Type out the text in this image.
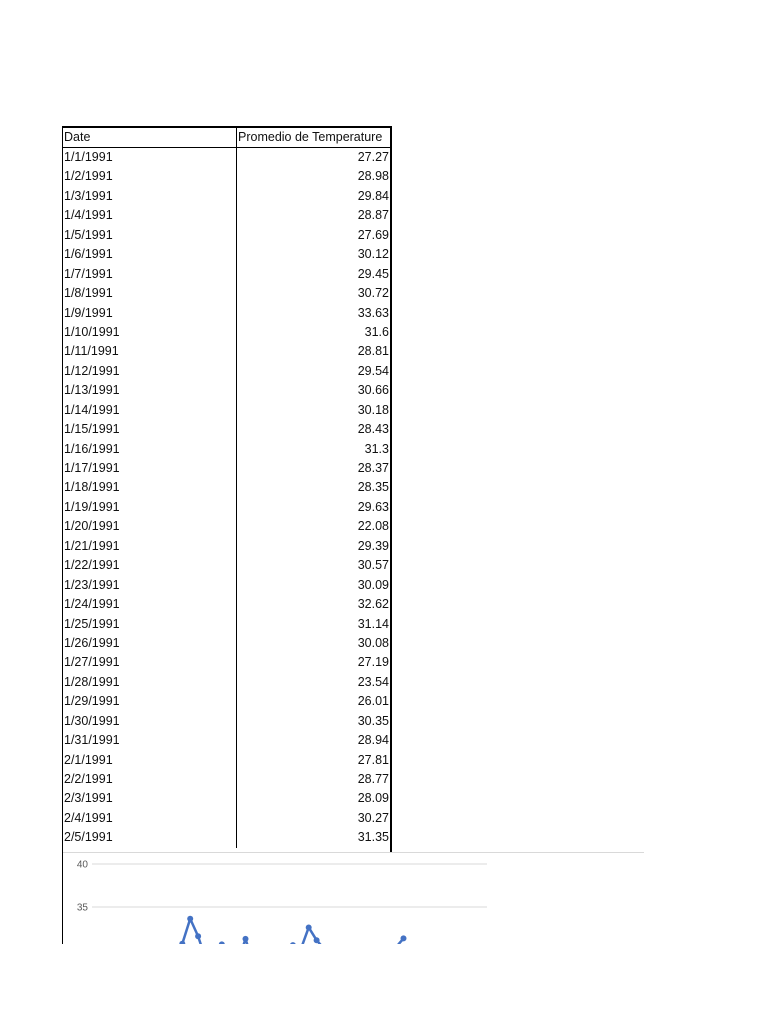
Date	Promedio de Temperature
1/1/1991	27.27
1/2/1991	28.98
1/3/1991	29.84
1/4/1991	28.87
1/5/1991	27.69
1/6/1991	30.12
1/7/1991	29.45
1/8/1991	30.72
1/9/1991	33.63
1/10/1991	31.6
1/11/1991	28.81
1/12/1991	29.54
1/13/1991	30.66
1/14/1991	30.18
1/15/1991	28.43
1/16/1991	31.3
1/17/1991	28.37
1/18/1991	28.35
1/19/1991	29.63
1/20/1991	22.08
1/21/1991	29.39
1/22/1991	30.57
1/23/1991	30.09
1/24/1991	32.62
1/25/1991	31.14
1/26/1991	30.08
1/27/1991	27.19
1/28/1991	23.54
1/29/1991	26.01
1/30/1991	30.35
1/31/1991	28.94
2/1/1991	27.81
2/2/1991	28.77
2/3/1991	28.09
2/4/1991	30.27
2/5/1991	31.35
40
35
